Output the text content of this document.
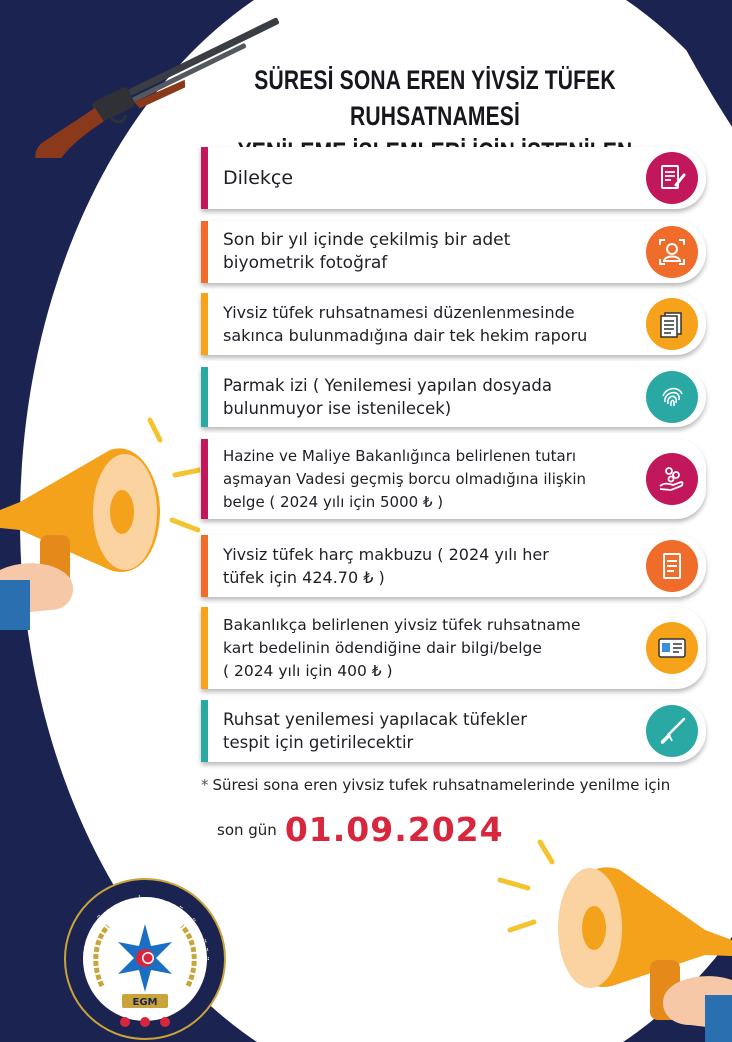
SÜRESİ SONA EREN YİVSİZ TÜFEK RUHSATNAMESİ
Dilekçe
Son bir yıl içinde çekilmiş bir adet
biyometrik fotoğraf
Yivsiz tüfek ruhsatnamesi düzenlenmesinde
sakınca bulunmadığına dair tek hekim raporu
Parmak izi ( Yenilemesi yapılan dosyada
bulunmuyor ise istenilecek)
Hazine ve Maliye Bakanlığınca belirlenen tutarı
aşmayan Vadesi geçmiş borcu olmadığına ilişkin
belge ( 2024 yılı için 5000 ₺ )
Yivsiz tüfek harç makbuzu ( 2024 yılı her
tüfek için 424.70 ₺ )
Bakanlıkça belirlenen yivsiz tüfek ruhsatname
kart bedelinin ödendiğine dair bilgi/belge
( 2024 yılı için 400 ₺ )
Ruhsat yenilemesi yapılacak tüfekler
tespit için getirilecektir
* Süresi sona eren yivsiz tufek ruhsatnamelerinde yenilme için
son gün 01.09.2024
KARABÜK EMNİYET MÜDÜRLÜĞÜ
EGM
